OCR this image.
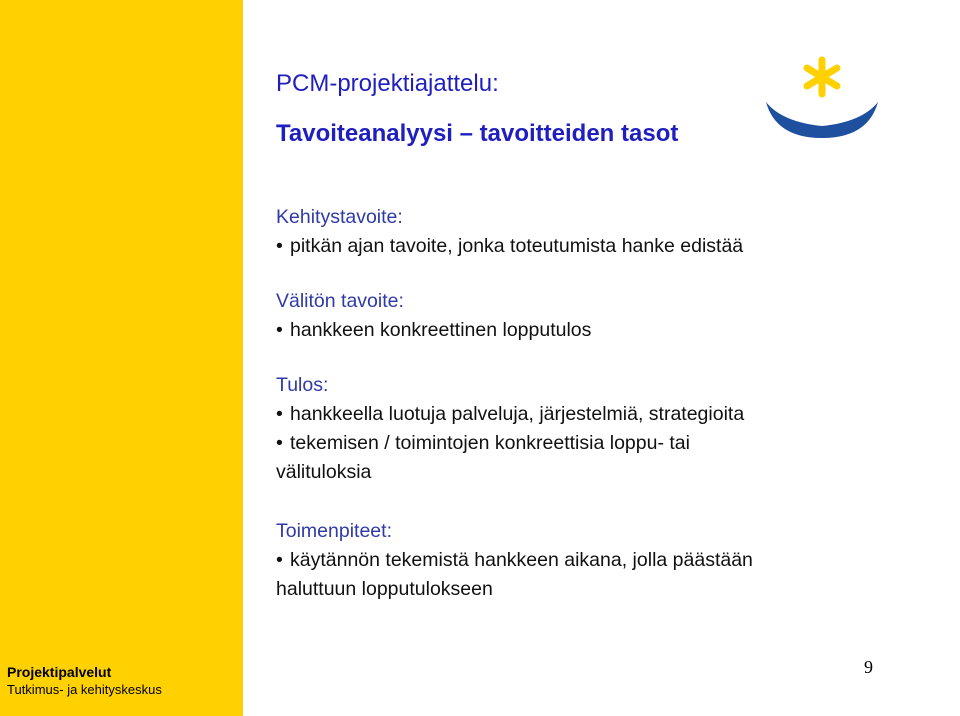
PCM-projektiajattelu:
Tavoiteanalyysi – tavoitteiden tasot
Kehitystavoite:
• pitkän ajan tavoite, jonka toteutumista hanke edistää
Välitön tavoite:
• hankkeen konkreettinen lopputulos
Tulos:
• hankkeella luotuja palveluja, järjestelmiä, strategioita
• tekemisen / toimintojen konkreettisia loppu- tai
välituloksia
Toimenpiteet:
• käytännön tekemistä hankkeen aikana, jolla päästään
haluttuun lopputulokseen
Projektipalvelut
Tutkimus- ja kehityskeskus
9
